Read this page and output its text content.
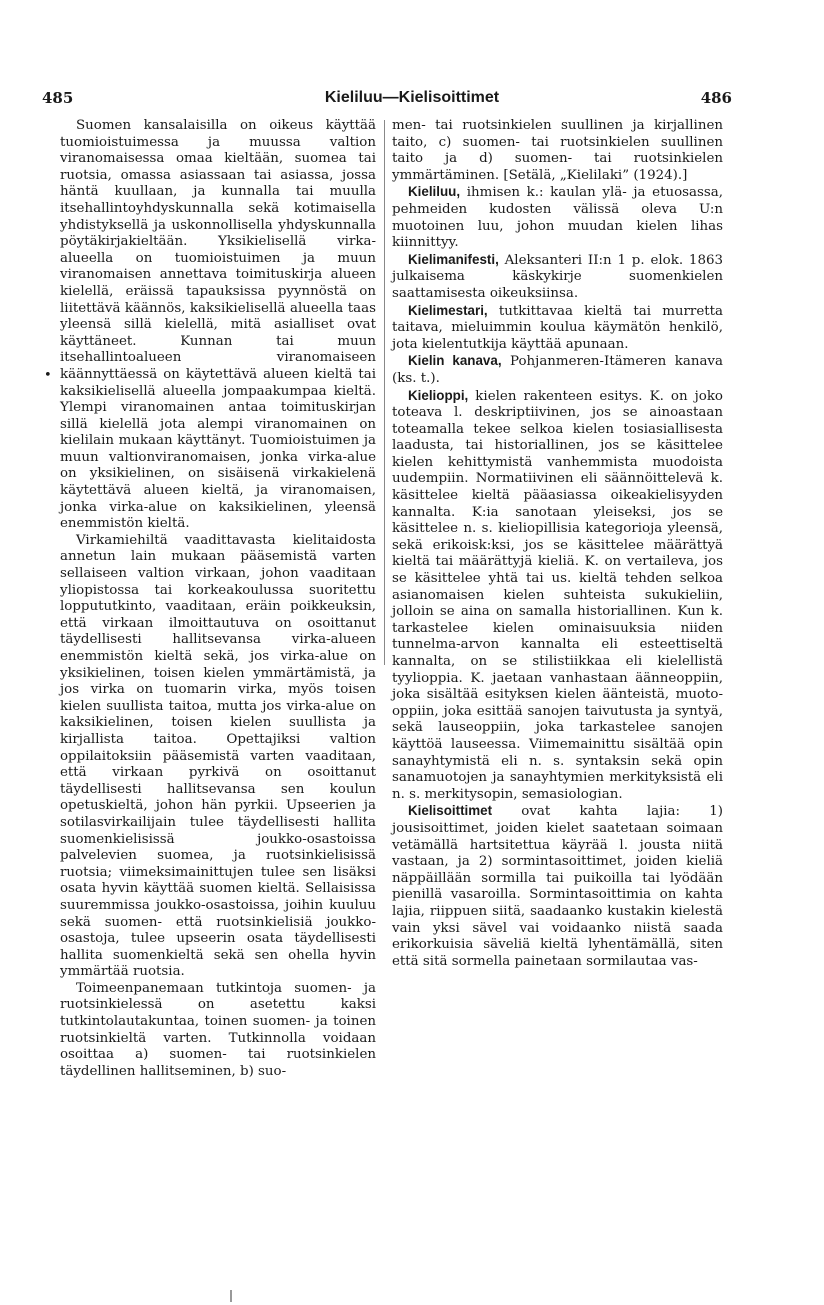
485	Kieliluu—Kielisoittimet	486
•

Suomen kansalaisilla on oikeus käyttää tuomioistuimessa ja muussa valtion viranomaisessa omaa kieltään, suomea tai ruotsia, omassa asiassaan tai asiassa, jossa häntä kuullaan, ja kunnalla tai muulla itsehallintoyhdyskunnalla sekä kotimaisella yhdistyksellä ja uskonnollisella yhdyskunnalla pöytäkirjakieltään. Yksikielisellä virka-alueella on tuomioistuimen ja muun viranomaisen annettava toimituskirja alueen kielellä, eräissä tapauksissa pyynnöstä on liitettävä käännös, kaksikielisellä alueella taas yleensä sillä kielellä, mitä asialliset ovat käyttäneet. Kunnan tai muun itsehallintoalueen viranomaiseen käännyttäessä on käytettävä alueen kieltä tai kaksikielisellä alueella jompaakumpaa kieltä. Ylempi viranomainen antaa toimituskirjan sillä kielellä jota alempi viranomainen on kielilain mukaan käyttänyt. Tuomioistuimen ja muun valtionviranomaisen, jonka virka-alue on yksikielinen, on sisäisenä virkakielenä käytettävä alueen kieltä, ja viranomaisen, jonka virka-alue on kaksikielinen, yleensä enemmistön kieltä.

Virkamiehiltä vaadittavasta kielitaidosta annetun lain mukaan pääsemistä varten sellaiseen valtion virkaan, johon vaaditaan yliopistossa tai korkeakoulussa suoritettu loppututkinto, vaaditaan, eräin poikkeuksin, että virkaan ilmoittautuva on osoittanut täydellisesti hallitsevansa virka-alueen enemmistön kieltä sekä, jos virka-alue on yksikielinen, toisen kielen ymmärtämistä, ja jos virka on tuomarin virka, myös toisen kielen suullista taitoa, mutta jos virka-alue on kaksikielinen, toisen kielen suullista ja kirjallista taitoa. Opettajiksi valtion oppilaitoksiin pääsemistä varten vaaditaan, että virkaan pyrkivä on osoittanut täydellisesti hallitsevansa sen koulun opetuskieltä, johon hän pyrkii. Upseerien ja sotilasvirkailijain tulee täydellisesti hallita suomenkielisissä joukko-osastoissa palvelevien suomea, ja ruotsinkielisissä ruotsia; viimeksimainittujen tulee sen lisäksi osata hyvin käyttää suomen kieltä. Sellaisissa suuremmissa joukko-osastoissa, joihin kuuluu sekä suomen- että ruotsinkielisiä joukko-osastoja, tulee upseerin osata täydellisesti hallita suomenkieltä sekä sen ohella hyvin ymmärtää ruotsia.

Toimeenpanemaan tutkintoja suomen- ja ruotsinkielessä on asetettu kaksi tutkintolautakuntaa, toinen suomen- ja toinen ruotsinkieltä varten. Tutkinnolla voidaan osoittaa a) suomen- tai ruotsinkielen täydellinen hallitseminen, b) suo-

men- tai ruotsinkielen suullinen ja kirjallinen taito, c) suomen- tai ruotsinkielen suullinen taito ja d) suomen- tai ruotsinkielen ymmärtäminen. [Setälä, „Kielilaki” (1924).]

Kieliluu, ihmisen k.: kaulan ylä- ja etuosassa, pehmeiden kudosten välissä oleva U:n muotoinen luu, johon muudan kielen lihas kiinnittyy.

Kielimanifesti, Aleksanteri II:n 1 p. elok. 1863 julkaisema käskykirje suomenkielen saattamisesta oikeuksiinsa.

Kielimestari, tutkittavaa kieltä tai murretta taitava, mieluimmin koulua käymätön henkilö, jota kielentutkija käyttää apunaan.

Kielin kanava, Pohjanmeren-Itämeren kanava (ks. t.).

Kielioppi, kielen rakenteen esitys. K. on joko toteava l. deskriptiivinen, jos se ainoastaan toteamalla tekee selkoa kielen tosiasiallisesta laadusta, tai historiallinen, jos se käsittelee kielen kehittymistä vanhemmista muodoista uudempiin. Normatiivinen eli säännöittelevä k. käsittelee kieltä pääasiassa oikeakielisyyden kannalta. K:ia sanotaan yleiseksi, jos se käsittelee n. s. kieliopillisia kategorioja yleensä, sekä erikoisk:ksi, jos se käsittelee määrättyä kieltä tai määrättyjä kieliä. K. on vertaileva, jos se käsittelee yhtä tai us. kieltä tehden selkoa asianomaisen kielen suhteista sukukieliin, jolloin se aina on samalla historiallinen. Kun k. tarkastelee kielen ominaisuuksia niiden tunnelma-arvon kannalta eli esteettiseltä kannalta, on se stilistiikkaa eli kielellistä tyylioppia. K. jaetaan vanhastaan äänneoppiin, joka sisältää esityksen kielen äänteistä, muoto-oppiin, joka esittää sanojen taivutusta ja syntyä, sekä lauseoppiin, joka tarkastelee sanojen käyttöä lauseessa. Viimemainittu sisältää opin sanayhtymistä eli n. s. syntaksin sekä opin sanamuotojen ja sanayhtymien merkityksistä eli n. s. merkitysopin, semasiologian.

Kielisoittimet ovat kahta lajia: 1) jousisoittimet, joiden kielet saatetaan soimaan vetämällä hartsitettua käyrää l. jousta niitä vastaan, ja 2) sormintasoittimet, joiden kieliä näppäillään sormilla tai puikoilla tai lyödään pienillä vasaroilla. Sormintasoittimia on kahta lajia, riippuen siitä, saadaanko kustakin kielestä vain yksi sävel vai voidaanko niistä saada erikorkuisia säveliä kieltä lyhentämällä, siten että sitä sormella painetaan sormilautaa vas-
